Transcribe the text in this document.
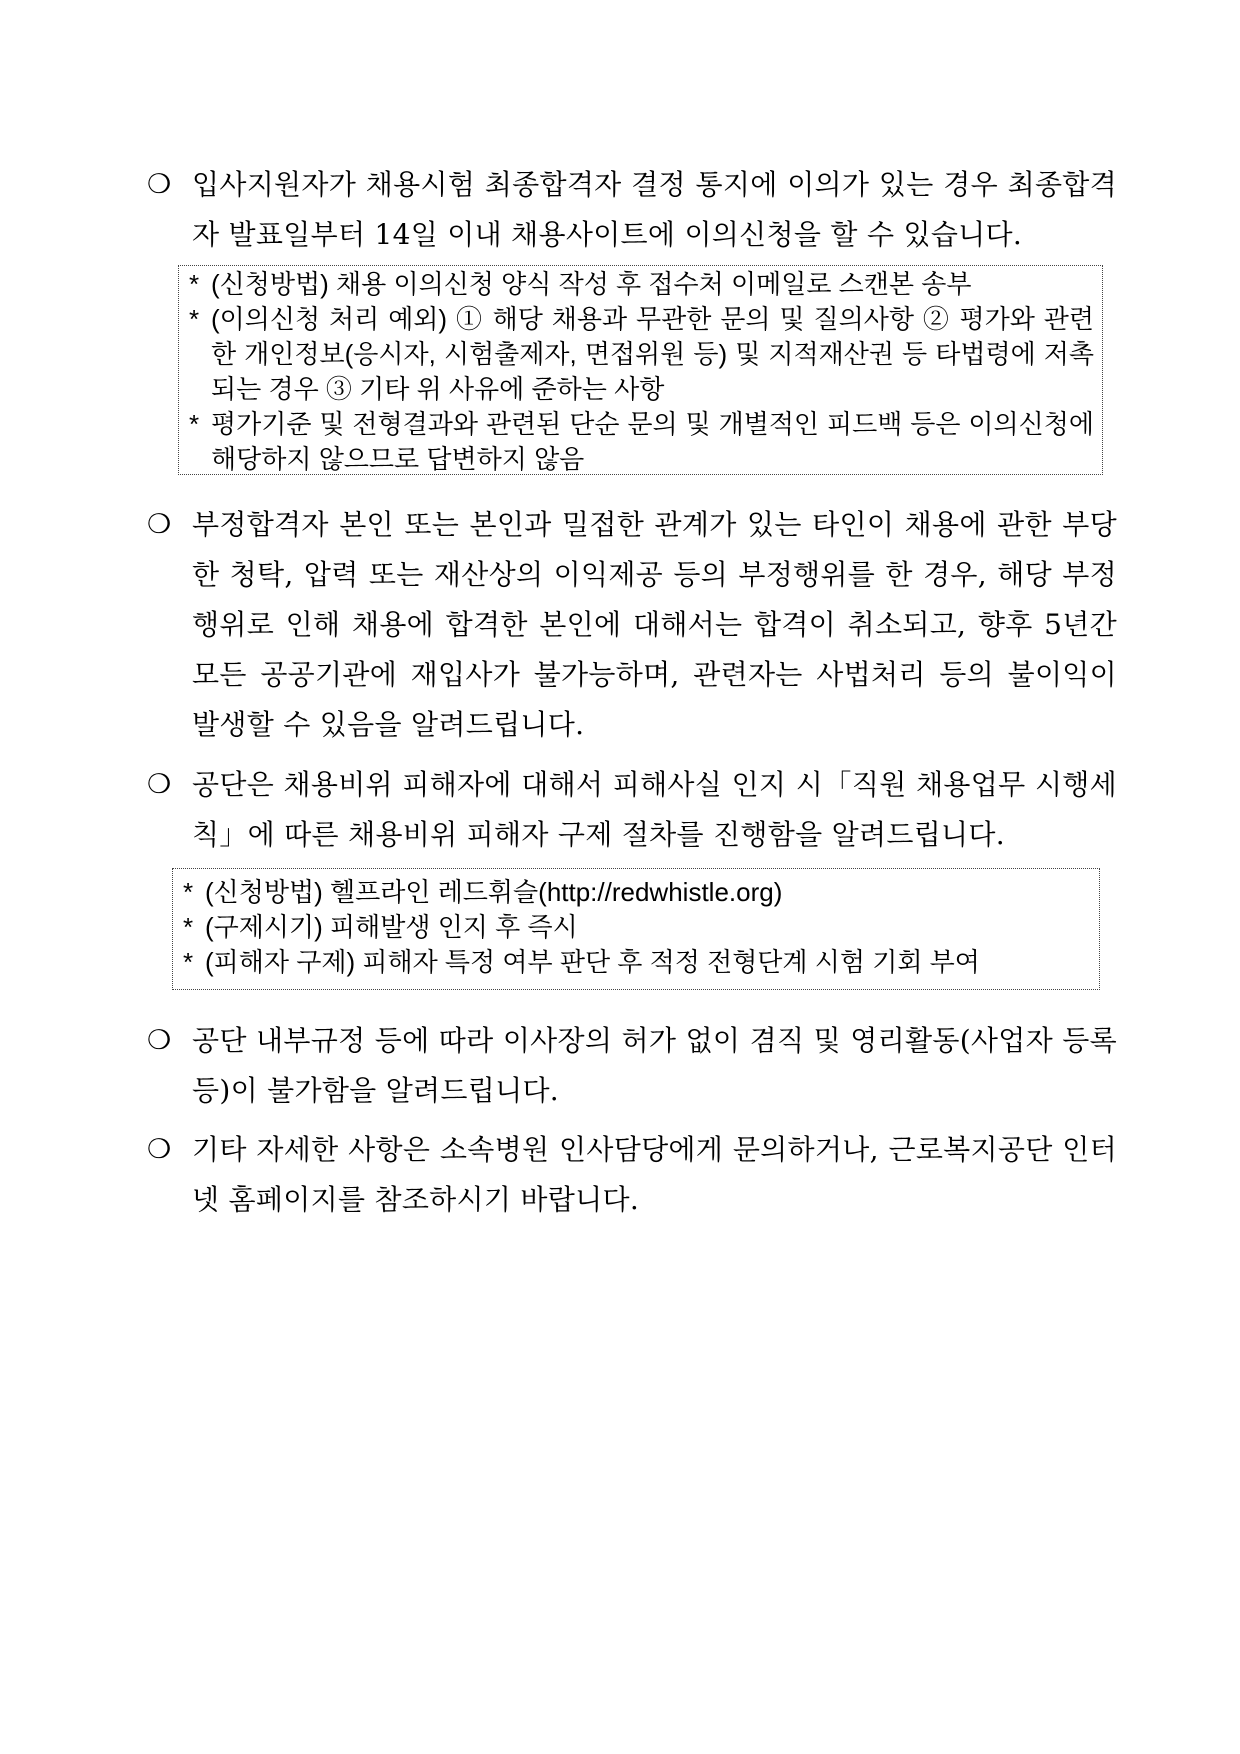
❍ 입사지원자가 채용시험 최종합격자 결정 통지에 이의가 있는 경우 최종합격자 발표일부터 14일 이내 채용사이트에 이의신청을 할 수 있습니다.
* (신청방법) 채용 이의신청 양식 작성 후 접수처 이메일로 스캔본 송부
* (이의신청 처리 예외) ① 해당 채용과 무관한 문의 및 질의사항 ② 평가와 관련한 개인정보(응시자, 시험출제자, 면접위원 등) 및 지적재산권 등 타법령에 저촉되는 경우 ③ 기타 위 사유에 준하는 사항
* 평가기준 및 전형결과와 관련된 단순 문의 및 개별적인 피드백 등은 이의신청에 해당하지 않으므로 답변하지 않음
❍ 부정합격자 본인 또는 본인과 밀접한 관계가 있는 타인이 채용에 관한 부당한 청탁, 압력 또는 재산상의 이익제공 등의 부정행위를 한 경우, 해당 부정행위로 인해 채용에 합격한 본인에 대해서는 합격이 취소되고, 향후 5년간 모든 공공기관에 재입사가 불가능하며, 관련자는 사법처리 등의 불이익이 발생할 수 있음을 알려드립니다.
❍ 공단은 채용비위 피해자에 대해서 피해사실 인지 시「직원 채용업무 시행세칙」에 따른 채용비위 피해자 구제 절차를 진행함을 알려드립니다.
* (신청방법) 헬프라인 레드휘슬(http://redwhistle.org)
* (구제시기) 피해발생 인지 후 즉시
* (피해자 구제) 피해자 특정 여부 판단 후 적정 전형단계 시험 기회 부여
❍ 공단 내부규정 등에 따라 이사장의 허가 없이 겸직 및 영리활동(사업자 등록 등)이 불가함을 알려드립니다.
❍ 기타 자세한 사항은 소속병원 인사담당에게 문의하거나, 근로복지공단 인터넷 홈페이지를 참조하시기 바랍니다.
